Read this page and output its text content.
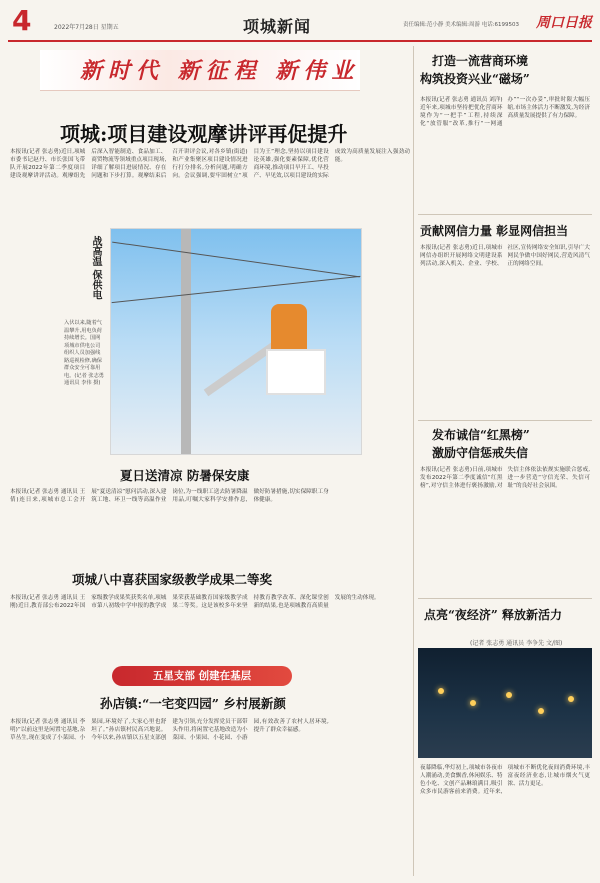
4	2022年7月28日 星期五	项城新闻	责任编辑:范小静 美术编辑:周游 电话:6199503 周口日报
新时代 新征程 新伟业
项城:项目建设观摩讲评再促提升
本报讯(记者 张志勇)近日,项城市委书记赵丹、市长张国飞带队开展2022年第二季度项目建设观摩讲评活动。观摩组先后深入智能制造、食品加工、商贸物流等领域重点项目现场,详细了解项目进展情况、存在问题和下步打算。观摩结束后召开讲评会议,对各乡镇(街道)和产业集聚区项目建设情况进行打分排名,分析问题,明确方向。会议强调,要牢固树立“项目为王”理念,坚持以项目建设论英雄,强化要素保障,优化营商环境,推动项目早开工、早投产、早见效,以项目建设的实际成效为高质量发展注入强劲动能。
战高温 保供电
入伏以来,随着气温攀升,用电负荷持续增长。国网项城市供电公司组织人员加强线路巡视检修,确保群众安全可靠用电。(记者 张志勇 通讯员 李伟 摄)
夏日送清凉 防暑保安康
本报讯(记者 张志勇 通讯员 王倩)连日来,项城市总工会开展“夏送清凉”慰问活动,深入建筑工地、环卫一线等高温作业岗位,为一线职工送去防暑降温用品,叮嘱大家科学安排作息,做好防暑措施,切实保障职工身体健康。
项城八中喜获国家级教学成果二等奖
本报讯(记者 张志勇 通讯员 王刚)近日,教育部公布2022年国家级教学成果奖获奖名单,项城市第八初级中学申报的教学成果荣获基础教育国家级教学成果二等奖。这是该校多年来坚持教育教学改革、深化课堂创新的结果,也是项城教育高质量发展的生动体现。
五星支部 创建在基层
孙店镇:“一宅变四园” 乡村展新颜
本报讯(记者 张志勇 通讯员 李明)“以前这里是闲置宅基地,杂草丛生,现在变成了小菜园、小果园,环境好了,大家心里也舒坦了。”孙店镇村民高兴地说。今年以来,孙店镇以五星支部创建为引领,充分发挥党员干部带头作用,将闲置宅基地改造为小菜园、小果园、小花园、小游园,有效改善了农村人居环境,提升了群众幸福感。
打造一流营商环境
构筑投资兴业“磁场”
本报讯(记者 张志勇 通讯员 刘洋)近年来,项城市坚持把优化营商环境作为“一把手”工程,持续深化“放管服”改革,推行“一网通办”“一次办妥”,审批时限大幅压缩,市场主体活力不断激发,为经济高质量发展提供了有力保障。
贡献网信力量 彰显网信担当
本报讯(记者 张志勇)近日,项城市网信办组织开展网络文明建设系列活动,深入机关、企业、学校、社区,宣传网络安全知识,引导广大网民争做中国好网民,营造风清气正的网络空间。
发布诚信“红黑榜”
激励守信惩戒失信
本报讯(记者 张志勇)日前,项城市发布2022年第二季度诚信“红黑榜”,对守信主体进行褒扬激励,对失信主体依法依规实施联合惩戒,进一步营造“守信光荣、失信可耻”的良好社会氛围。
点亮“夜经济” 释放新活力
(记者 张志勇 通讯员 李争先 文/图)
夜幕降临,华灯初上,项城市各夜市人潮涌动,美食飘香,休闲娱乐、特色小吃、文创产品琳琅满目,吸引众多市民游客前来消费。近年来,项城市不断优化夜间消费环境,丰富夜经济业态,让城市烟火气更浓、活力更足。
